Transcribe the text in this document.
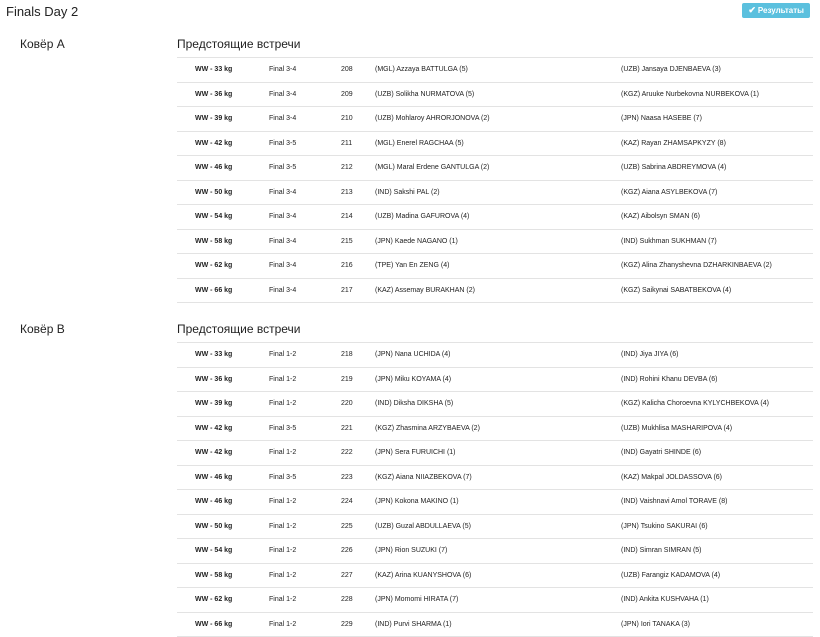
Finals Day 2	✔ Результаты
Ковёр A	Предстоящие встречи
WW - 33 kg	Final 3-4	208	(MGL) Azzaya BATTULGA (5)	(UZB) Jansaya DJENBAEVA (3)
WW - 36 kg	Final 3-4	209	(UZB) Solikha NURMATOVA (5)	(KGZ) Aruuke Nurbekovna NURBEKOVA (1)
WW - 39 kg	Final 3-4	210	(UZB) Mohlaroy AHRORJONOVA (2)	(JPN) Naasa HASEBE (7)
WW - 42 kg	Final 3-5	211	(MGL) Enerel RAGCHAA (5)	(KAZ) Rayan ZHAMSAPKYZY (8)
WW - 46 kg	Final 3-5	212	(MGL) Maral Erdene GANTULGA (2)	(UZB) Sabrina ABDREYMOVA (4)
WW - 50 kg	Final 3-4	213	(IND) Sakshi PAL (2)	(KGZ) Aiana ASYLBEKOVA (7)
WW - 54 kg	Final 3-4	214	(UZB) Madina GAFUROVA (4)	(KAZ) Aibolsyn SMAN (6)
WW - 58 kg	Final 3-4	215	(JPN) Kaede NAGANO (1)	(IND) Sukhman SUKHMAN (7)
WW - 62 kg	Final 3-4	216	(TPE) Yan En ZENG (4)	(KGZ) Alina Zhanyshevna DZHARKINBAEVA (2)
WW - 66 kg	Final 3-4	217	(KAZ) Assemay BURAKHAN (2)	(KGZ) Saikynai SABATBEKOVA (4)
Ковёр B	Предстоящие встречи
WW - 33 kg	Final 1-2	218	(JPN) Nana UCHIDA (4)	(IND) Jiya JIYA (6)
WW - 36 kg	Final 1-2	219	(JPN) Miku KOYAMA (4)	(IND) Rohini Khanu DEVBA (6)
WW - 39 kg	Final 1-2	220	(IND) Diksha DIKSHA (5)	(KGZ) Kalicha Choroevna KYLYCHBEKOVA (4)
WW - 42 kg	Final 3-5	221	(KGZ) Zhasmina ARZYBAEVA (2)	(UZB) Mukhlisa MASHARIPOVA (4)
WW - 42 kg	Final 1-2	222	(JPN) Sera FURUICHI (1)	(IND) Gayatri SHINDE (6)
WW - 46 kg	Final 3-5	223	(KGZ) Aiana NIIAZBEKOVA (7)	(KAZ) Makpal JOLDASSOVA (6)
WW - 46 kg	Final 1-2	224	(JPN) Kokona MAKINO (1)	(IND) Vaishnavi Amol TORAVE (8)
WW - 50 kg	Final 1-2	225	(UZB) Guzal ABDULLAEVA (5)	(JPN) Tsukino SAKURAI (6)
WW - 54 kg	Final 1-2	226	(JPN) Rion SUZUKI (7)	(IND) Simran SIMRAN (5)
WW - 58 kg	Final 1-2	227	(KAZ) Arina KUANYSHOVA (6)	(UZB) Farangiz KADAMOVA (4)
WW - 62 kg	Final 1-2	228	(JPN) Momomi HIRATA (7)	(IND) Ankita KUSHVAHA (1)
WW - 66 kg	Final 1-2	229	(IND) Purvi SHARMA (1)	(JPN) Iori TANAKA (3)
